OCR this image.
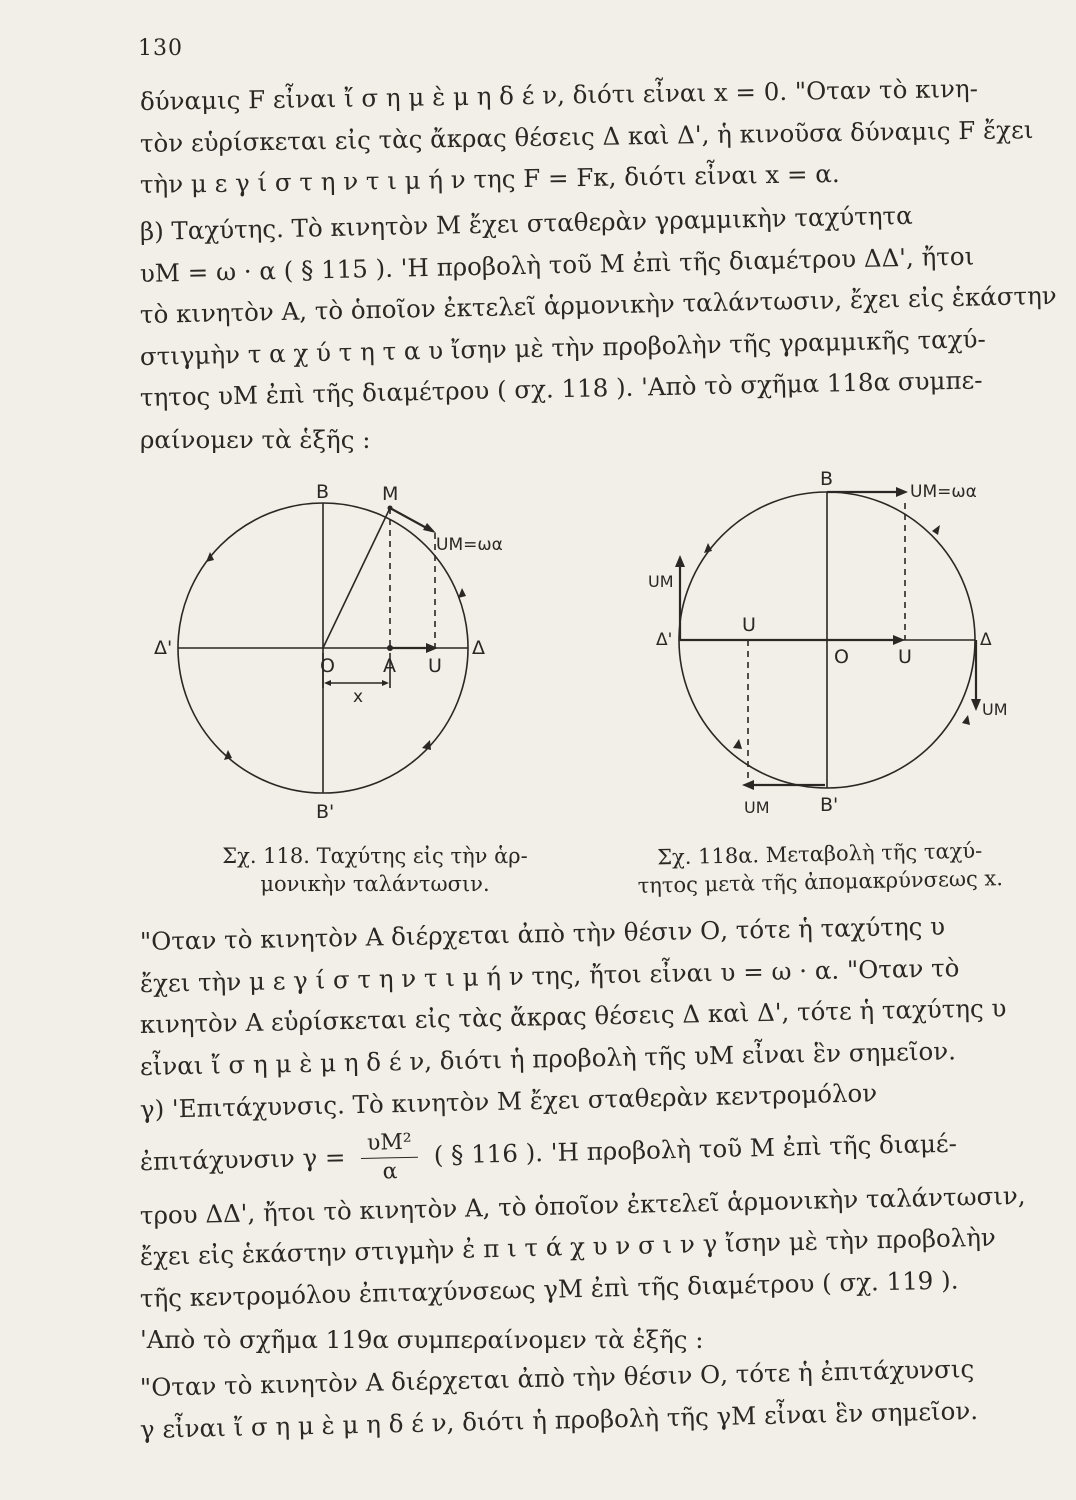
130
δύναμις F εἶναι ἴ σ η μ ὲ μ η δ έ ν, διότι εἶναι x = 0. "Οταν τὸ κινη-
τὸν εὑρίσκεται εἰς τὰς ἄκρας θέσεις Δ καὶ Δ', ἡ κινοῦσα δύναμις F ἔχει
τὴν μ ε γ ί σ τ η ν τ ι μ ή ν της F = Fκ, διότι εἶναι x = α.
β) Ταχύτης. Τὸ κινητὸν Μ ἔχει σταθερὰν γραμμικὴν ταχύτητα
υΜ = ω · α ( § 115 ). 'Η προβολὴ τοῦ Μ ἐπὶ τῆς διαμέτρου ΔΔ', ἤτοι
τὸ κινητὸν Α, τὸ ὁποῖον ἐκτελεῖ ἁρμονικὴν ταλάντωσιν, ἔχει εἰς ἑκάστην
στιγμὴν τ α χ ύ τ η τ α υ ἴσην μὲ τὴν προβολὴν τῆς γραμμικῆς ταχύ-
τητος υΜ ἐπὶ τῆς διαμέτρου ( σχ. 118 ). 'Απὸ τὸ σχῆμα 118α συμπε-
ραίνομεν τὰ ἑξῆς :
B	M
UM=ωα
Δ'	Δ
O	A U
x
B'
B
UM=ωα
UM
Δ'
U
Δ
O	U
UM
UM	B'
Σχ. 118. Ταχύτης εἰς τὴν ἁρ-
μονικὴν ταλάντωσιν.
Σχ. 118α. Μεταβολὴ τῆς ταχύ-
τητος μετὰ τῆς ἀπομακρύνσεως x.
"Οταν τὸ κινητὸν Α διέρχεται ἀπὸ τὴν θέσιν Ο, τότε ἡ ταχύτης υ
ἔχει τὴν μ ε γ ί σ τ η ν τ ι μ ή ν της, ἤτοι εἶναι υ = ω · α. "Οταν τὸ
κινητὸν Α εὑρίσκεται εἰς τὰς ἄκρας θέσεις Δ καὶ Δ', τότε ἡ ταχύτης υ
εἶναι ἴ σ η μ ὲ μ η δ έ ν, διότι ἡ προβολὴ τῆς υΜ εἶναι ἓν σημεῖον.
γ) 'Επιτάχυνσις. Τὸ κινητὸν Μ ἔχει σταθερὰν κεντρομόλον
ἐπιτάχυνσιν $\gamma = \frac{\text{υΜ²}}{\alpha}$ ( § 116 ). 'Η προβολὴ τοῦ Μ ἐπὶ τῆς διαμέ-
τρου ΔΔ', ἤτοι τὸ κινητὸν Α, τὸ ὁποῖον ἐκτελεῖ ἁρμονικὴν ταλάντωσιν,
ἔχει εἰς ἑκάστην στιγμὴν ἐ π ι τ ά χ υ ν σ ι ν γ ἴσην μὲ τὴν προβολὴν
τῆς κεντρομόλου ἐπιταχύνσεως γΜ ἐπὶ τῆς διαμέτρου ( σχ. 119 ).
'Απὸ τὸ σχῆμα 119α συμπεραίνομεν τὰ ἑξῆς :
"Οταν τὸ κινητὸν Α διέρχεται ἀπὸ τὴν θέσιν Ο, τότε ἡ ἐπιτάχυνσις
γ εἶναι ἴ σ η μ ὲ μ η δ έ ν, διότι ἡ προβολὴ τῆς γΜ εἶναι ἓν σημεῖον.
